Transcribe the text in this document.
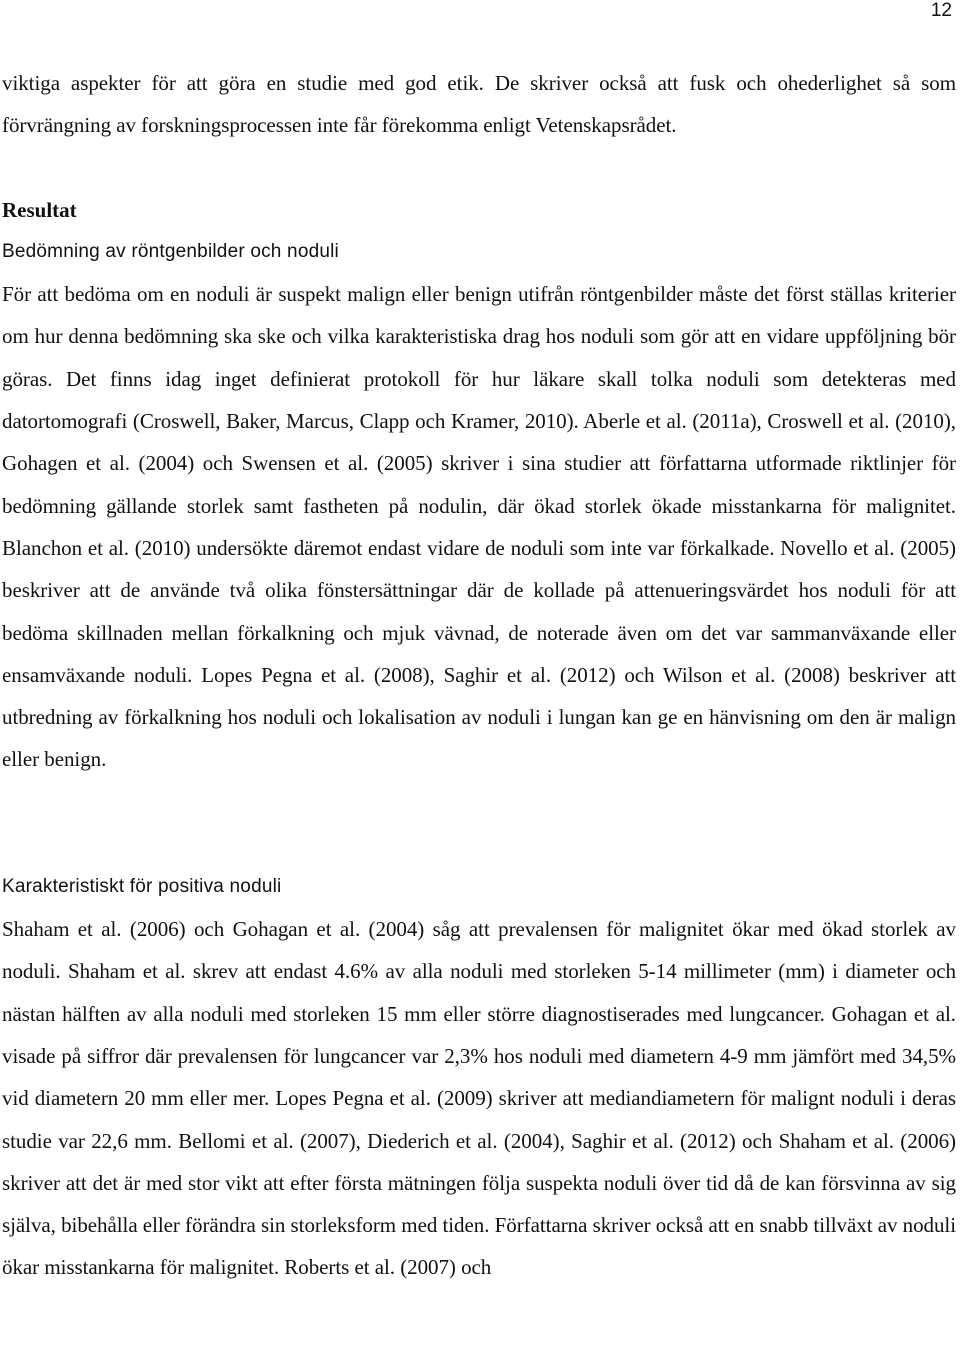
12

viktiga aspekter för att göra en studie med god etik. De skriver också att fusk och ohederlighet så som förvrängning av forskningsprocessen inte får förekomma enligt Vetenskapsrådet.

Resultat

Bedömning av röntgenbilder och noduli

För att bedöma om en noduli är suspekt malign eller benign utifrån röntgenbilder måste det först ställas kriterier om hur denna bedömning ska ske och vilka karakteristiska drag hos noduli som gör att en vidare uppföljning bör göras. Det finns idag inget definierat protokoll för hur läkare skall tolka noduli som detekteras med datortomografi (Croswell, Baker, Marcus, Clapp och Kramer, 2010). Aberle et al. (2011a), Croswell et al. (2010), Gohagen et al. (2004) och Swensen et al. (2005) skriver i sina studier att författarna utformade riktlinjer för bedömning gällande storlek samt fastheten på nodulin, där ökad storlek ökade misstankarna för malignitet. Blanchon et al. (2010) undersökte däremot endast vidare de noduli som inte var förkalkade. Novello et al. (2005) beskriver att de använde två olika fönstersättningar där de kollade på attenueringsvärdet hos noduli för att bedöma skillnaden mellan förkalkning och mjuk vävnad, de noterade även om det var sammanväxande eller ensamväxande noduli. Lopes Pegna et al. (2008), Saghir et al. (2012) och Wilson et al. (2008) beskriver att utbredning av förkalkning hos noduli och lokalisation av noduli i lungan kan ge en hänvisning om den är malign eller benign.

Karakteristiskt för positiva noduli

Shaham et al. (2006) och Gohagan et al. (2004) såg att prevalensen för malignitet ökar med ökad storlek av noduli. Shaham et al. skrev att endast 4.6% av alla noduli med storleken 5-14 millimeter (mm) i diameter och nästan hälften av alla noduli med storleken 15 mm eller större diagnostiserades med lungcancer. Gohagan et al. visade på siffror där prevalensen för lungcancer var 2,3% hos noduli med diametern 4-9 mm jämfört med 34,5% vid diametern 20 mm eller mer. Lopes Pegna et al. (2009) skriver att mediandiametern för malignt noduli i deras studie var 22,6 mm. Bellomi et al. (2007), Diederich et al. (2004), Saghir et al. (2012) och Shaham et al. (2006) skriver att det är med stor vikt att efter första mätningen följa suspekta noduli över tid då de kan försvinna av sig själva, bibehålla eller förändra sin storleksform med tiden. Författarna skriver också att en snabb tillväxt av noduli ökar misstankarna för malignitet. Roberts et al. (2007) och
